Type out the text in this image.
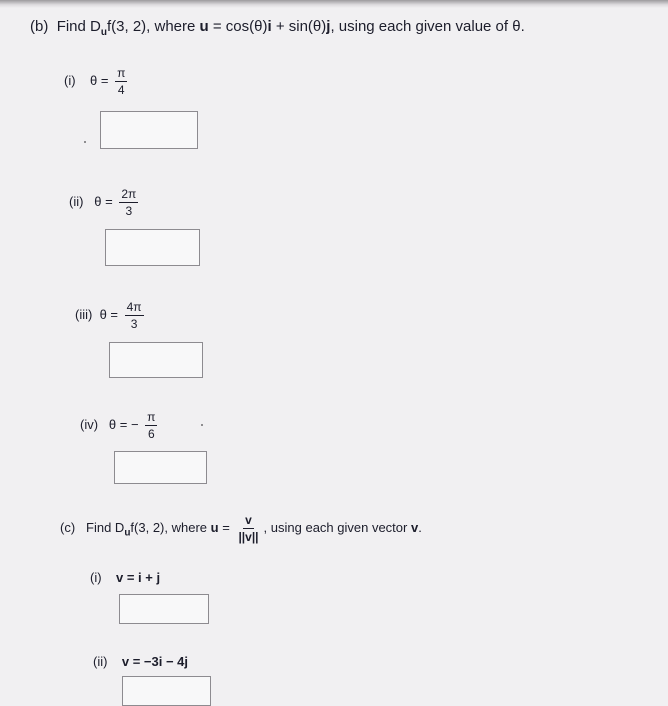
(b) Find $D_uf(3$, 2), where u = cos(θ)i + sin(θ)j, using each given value of θ.
(i) $\theta = \frac{\pi}{4}$
(ii) $\theta = \frac{2\pi}{3}$
(iii) $\theta = \frac{4\pi}{3}$
(iv) θ = − $\frac{\pi}{6}$
(c) Find $D_uf(3$, 2), where $u = \frac{v}{||v||}$ , using each given vector v.
(i) v = i + j
(ii) v = −3i − 4j
